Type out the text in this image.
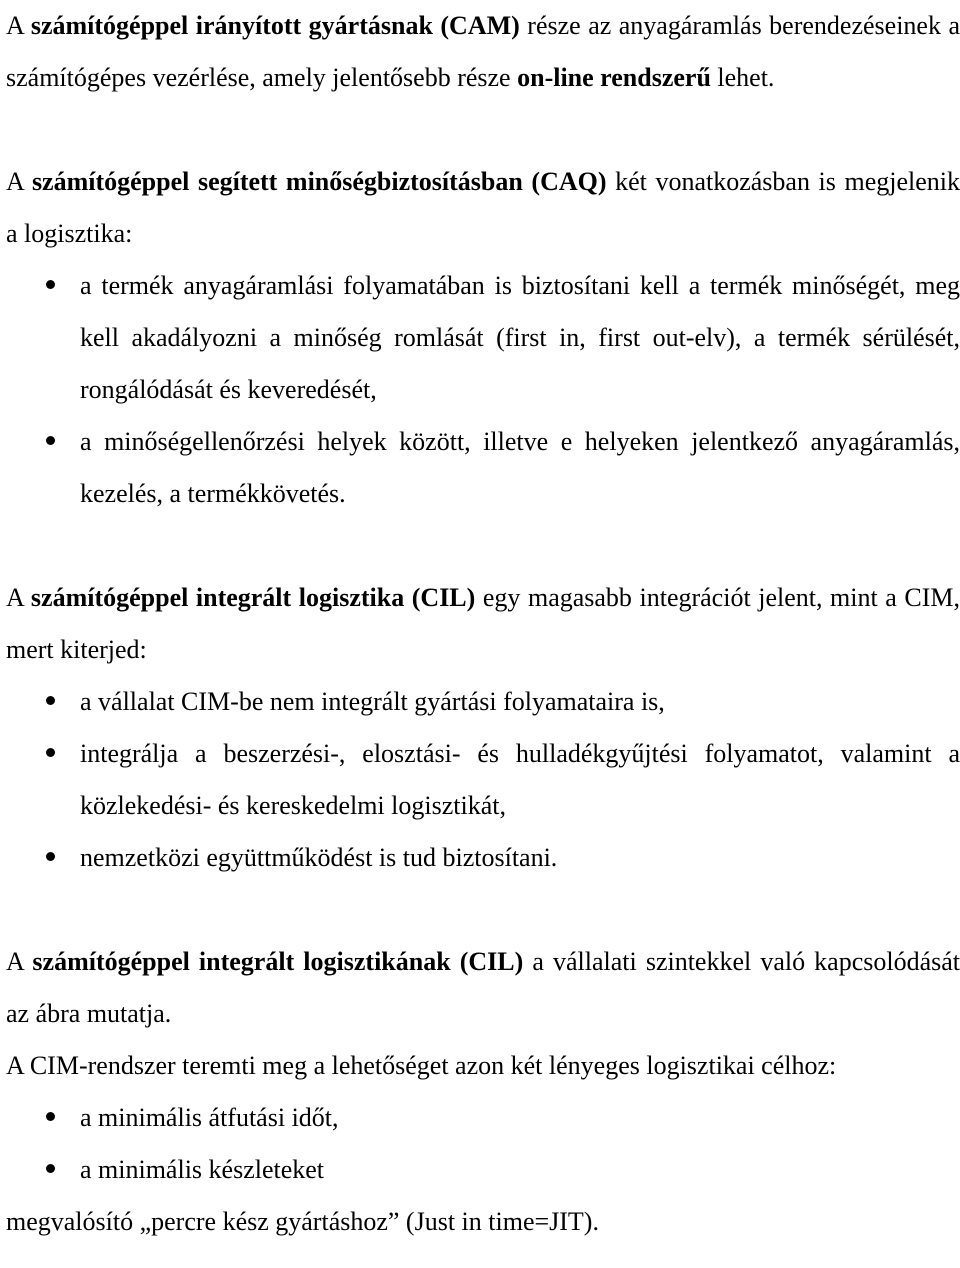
A számítógéppel irányított gyártásnak (CAM) része az anyagáramlás berendezéseinek a számítógépes vezérlése, amely jelentősebb része on-line rendszerű lehet.

A számítógéppel segített minőségbiztosításban (CAQ) két vonatkozásban is megjelenik a logisztika:

a termék anyagáramlási folyamatában is biztosítani kell a termék minőségét, meg kell akadályozni a minőség romlását (first in, first out-elv), a termék sérülését, rongálódását és keveredését,
a minőségellenőrzési helyek között, illetve e helyeken jelentkező anyagáramlás, kezelés, a termékkövetés.

A számítógéppel integrált logisztika (CIL) egy magasabb integrációt jelent, mint a CIM, mert kiterjed:

a vállalat CIM-be nem integrált gyártási folyamataira is,
integrálja a beszerzési-, elosztási- és hulladékgyűjtési folyamatot, valamint a közlekedési- és kereskedelmi logisztikát,
nemzetközi együttműködést is tud biztosítani.

A számítógéppel integrált logisztikának (CIL) a vállalati szintekkel való kapcsolódását az ábra mutatja.

A CIM-rendszer teremti meg a lehetőséget azon két lényeges logisztikai célhoz:

a minimális átfutási időt,
a minimális készleteket

megvalósító „percre kész gyártáshoz” (Just in time=JIT).
